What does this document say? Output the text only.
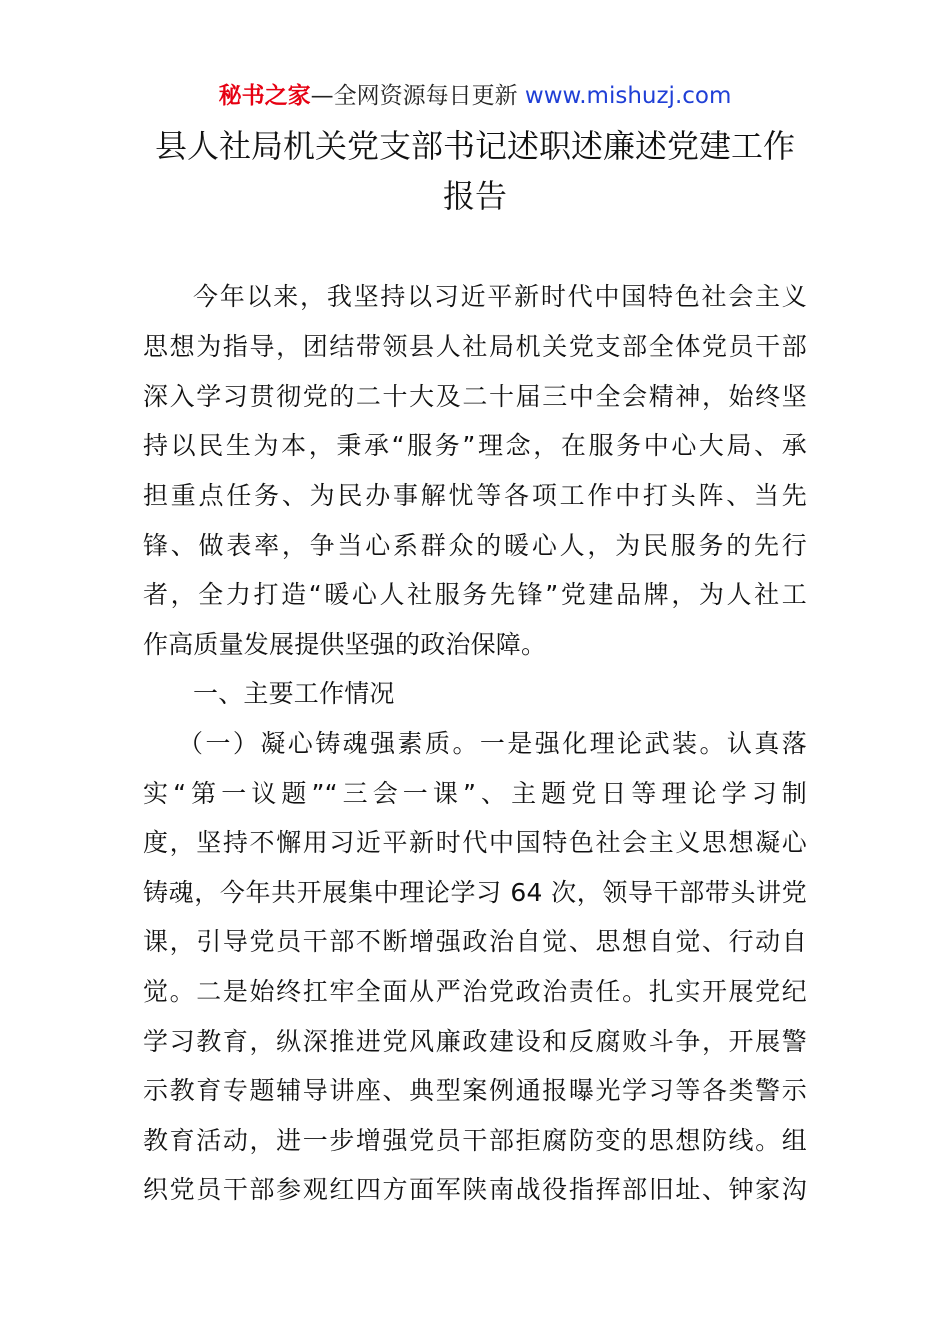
秘书之家—全网资源每日更新 www.mishuzj.com
县人社局机关党支部书记述职述廉述党建工作
报告
今年以来，我坚持以习近平新时代中国特色社会主义
思想为指导，团结带领县人社局机关党支部全体党员干部
深入学习贯彻党的二十大及二十届三中全会精神，始终坚
持以民生为本，秉承“服务”理念，在服务中心大局、承
担重点任务、为民办事解忧等各项工作中打头阵、当先
锋、做表率，争当心系群众的暖心人，为民服务的先行
者，全力打造“暖心人社服务先锋”党建品牌，为人社工
作高质量发展提供坚强的政治保障。
一、主要工作情况
（一）凝心铸魂强素质。一是强化理论武装。认真落
实“第一议题”“三会一课”、主题党日等理论学习制
度，坚持不懈用习近平新时代中国特色社会主义思想凝心
铸魂，今年共开展集中理论学习 64 次，领导干部带头讲党
课，引导党员干部不断增强政治自觉、思想自觉、行动自
觉。二是始终扛牢全面从严治党政治责任。扎实开展党纪
学习教育，纵深推进党风廉政建设和反腐败斗争，开展警
示教育专题辅导讲座、典型案例通报曝光学习等各类警示
教育活动，进一步增强党员干部拒腐防变的思想防线。组
织党员干部参观红四方面军陕南战役指挥部旧址、钟家沟
